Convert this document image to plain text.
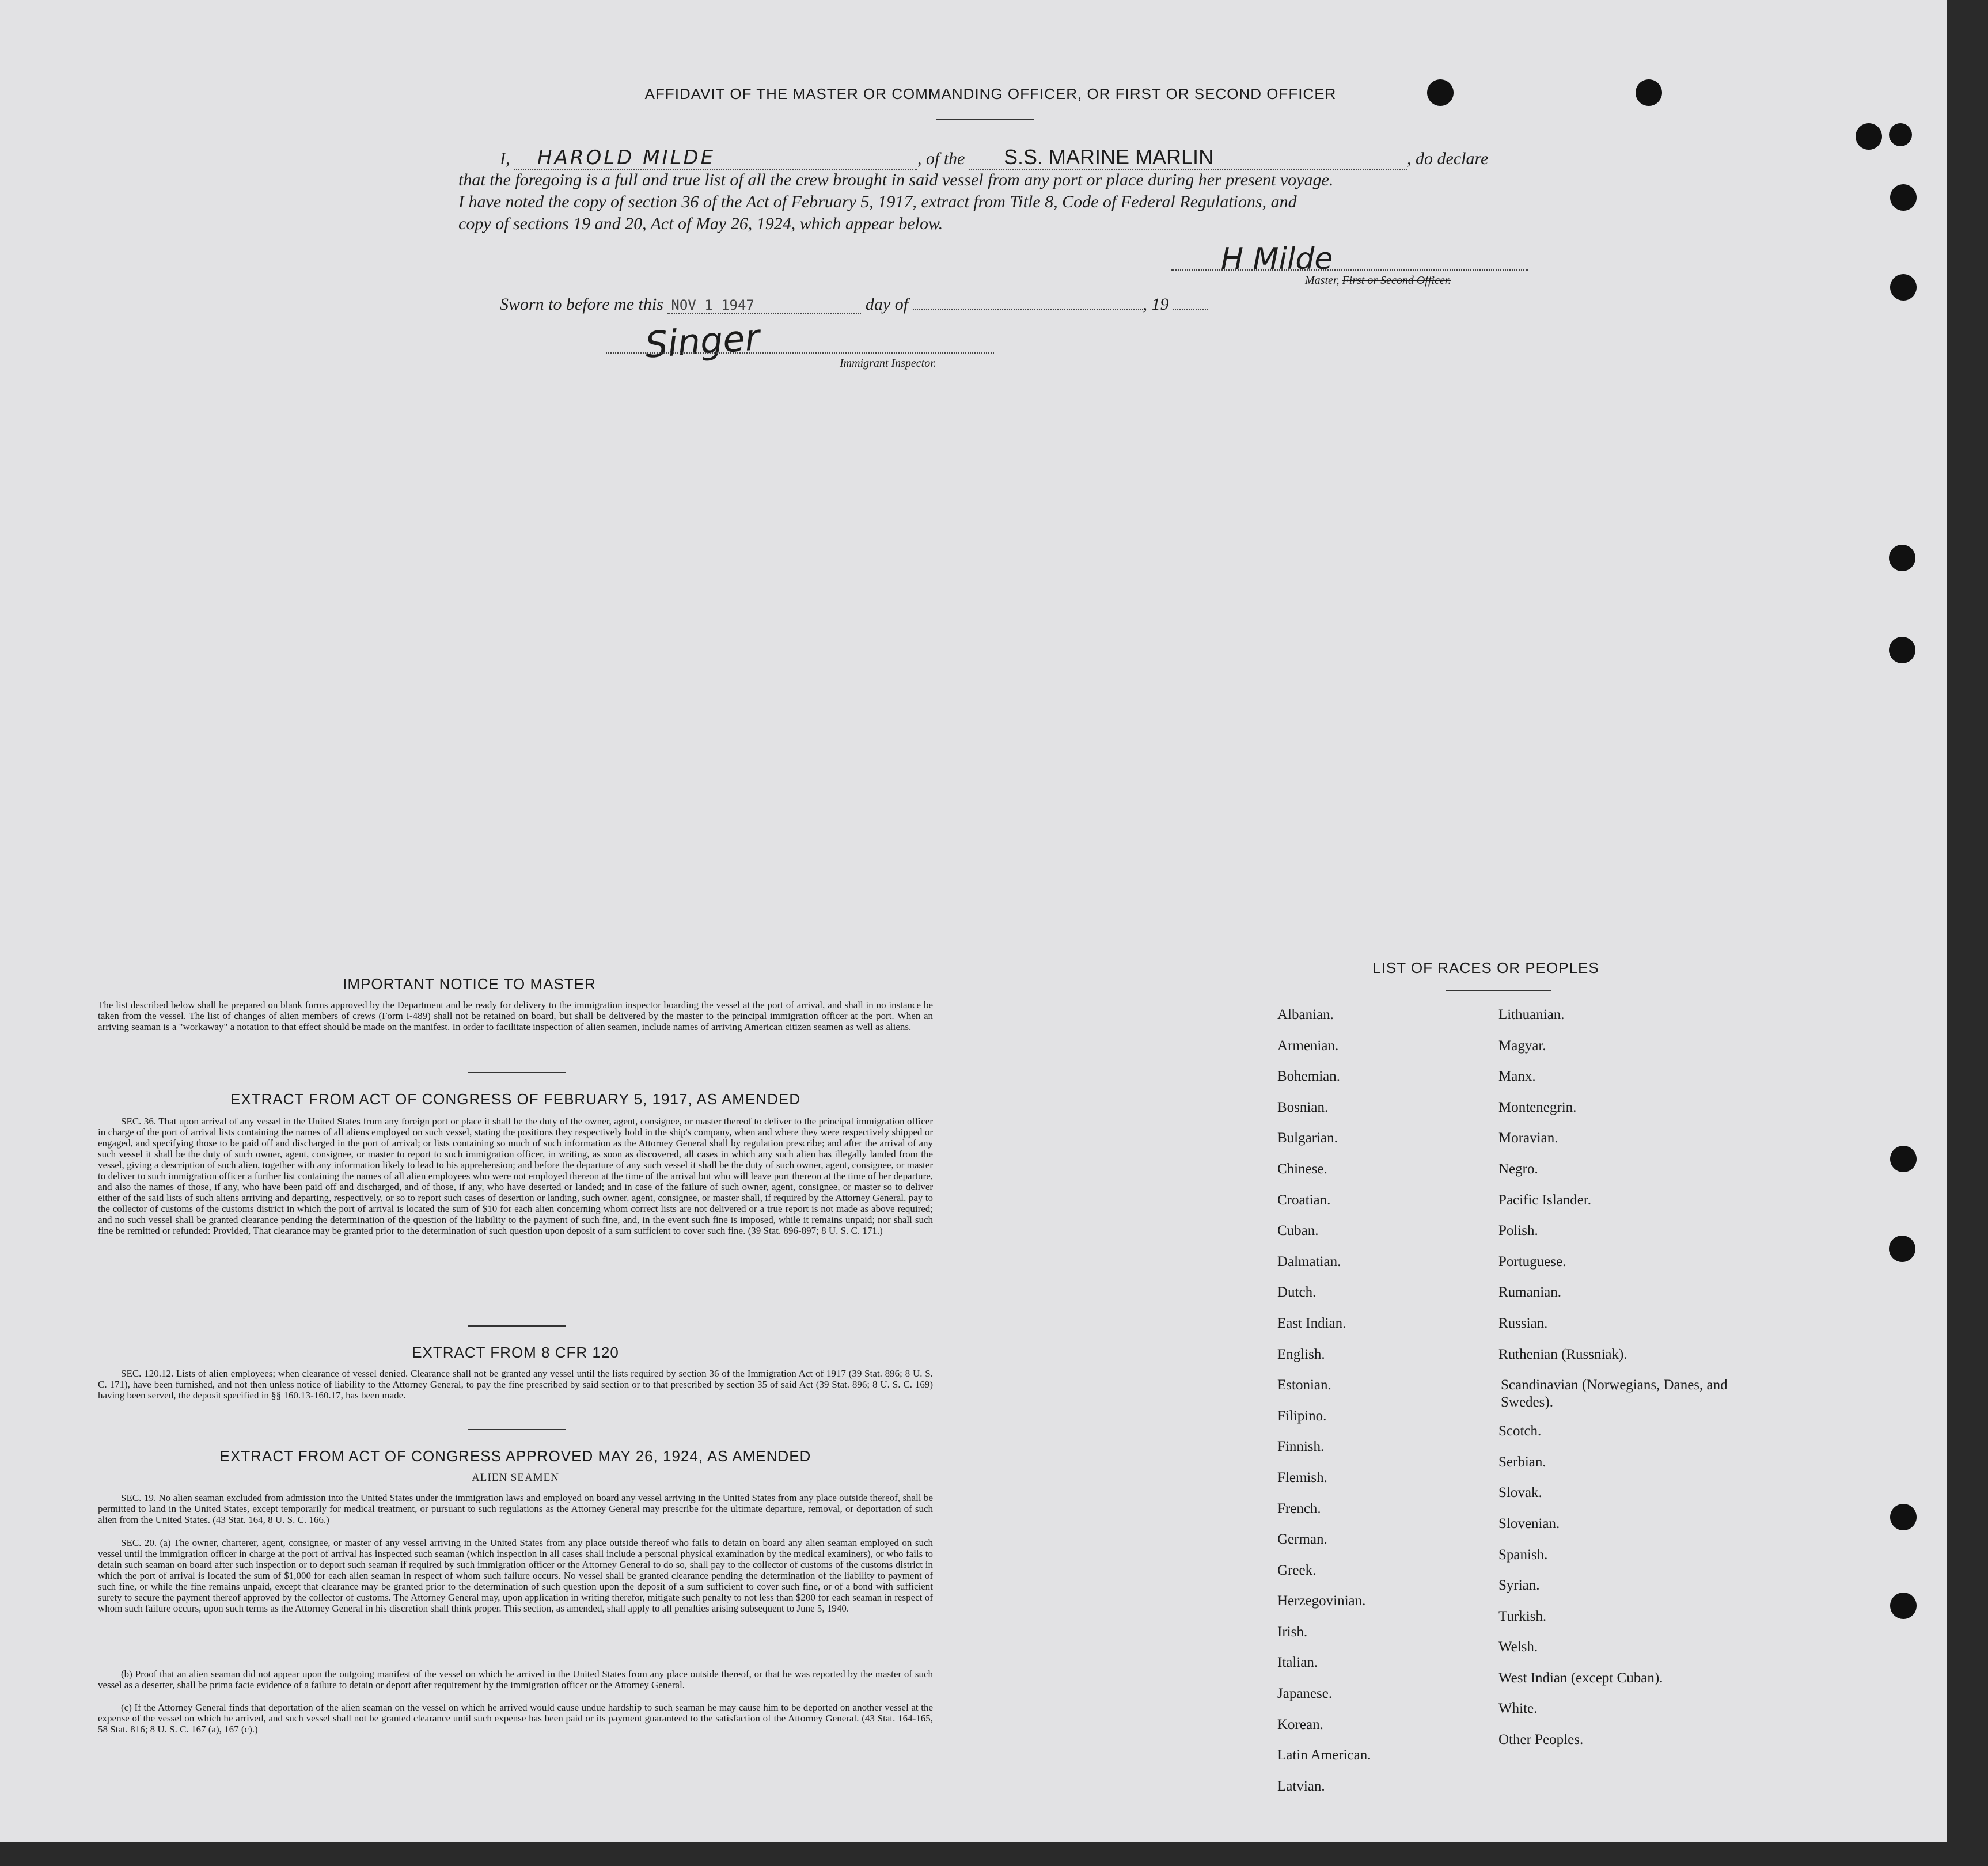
AFFIDAVIT OF THE MASTER OR COMMANDING OFFICER, OR FIRST OR SECOND OFFICER
I, HAROLD MILDE	, of the S.S. MARINE MARLIN	, do declare
that the foregoing is a full and true list of all the crew brought in said vessel from any port or place during her present voyage.
I have noted the copy of section 36 of the Act of February 5, 1917, extract from Title 8, Code of Federal Regulations, and
copy of sections 19 and 20, Act of May 26, 1924, which appear below.
H Milde
Master, First or Second Officer.
Sworn to before me this NOV 1 1947	day of	, 19
Singer	Immigrant Inspector.
IMPORTANT NOTICE TO MASTER
The list described below shall be prepared on blank forms approved by the Department and be ready for delivery to the immigration inspector boarding the vessel at the port of arrival, and shall in no instance be taken from the vessel. The list of changes of alien members of crews (Form I-489) shall not be retained on board, but shall be delivered by the master to the principal immigration officer at the port. When an arriving seaman is a "workaway" a notation to that effect should be made on the manifest. In order to facilitate inspection of alien seamen, include names of arriving American citizen seamen as well as aliens.
EXTRACT FROM ACT OF CONGRESS OF FEBRUARY 5, 1917, AS AMENDED
SEC. 36. That upon arrival of any vessel in the United States from any foreign port or place it shall be the duty of the owner, agent, consignee, or master thereof to deliver to the principal immigration officer in charge of the port of arrival lists containing the names of all aliens employed on such vessel, stating the positions they respectively hold in the ship's company, when and where they were respectively shipped or engaged, and specifying those to be paid off and discharged in the port of arrival; or lists containing so much of such information as the Attorney General shall by regulation prescribe; and after the arrival of any such vessel it shall be the duty of such owner, agent, consignee, or master to report to such immigration officer, in writing, as soon as discovered, all cases in which any such alien has illegally landed from the vessel, giving a description of such alien, together with any information likely to lead to his apprehension; and before the departure of any such vessel it shall be the duty of such owner, agent, consignee, or master to deliver to such immigration officer a further list containing the names of all alien employees who were not employed thereon at the time of the arrival but who will leave port thereon at the time of her departure, and also the names of those, if any, who have been paid off and discharged, and of those, if any, who have deserted or landed; and in case of the failure of such owner, agent, consignee, or master so to deliver either of the said lists of such aliens arriving and departing, respectively, or so to report such cases of desertion or landing, such owner, agent, consignee, or master shall, if required by the Attorney General, pay to the collector of customs of the customs district in which the port of arrival is located the sum of $10 for each alien concerning whom correct lists are not delivered or a true report is not made as above required; and no such vessel shall be granted clearance pending the determination of the question of the liability to the payment of such fine, and, in the event such fine is imposed, while it remains unpaid; nor shall such fine be remitted or refunded: Provided, That clearance may be granted prior to the determination of such question upon deposit of a sum sufficient to cover such fine. (39 Stat. 896-897; 8 U. S. C. 171.)
EXTRACT FROM 8 CFR 120
SEC. 120.12. Lists of alien employees; when clearance of vessel denied. Clearance shall not be granted any vessel until the lists required by section 36 of the Immigration Act of 1917 (39 Stat. 896; 8 U. S. C. 171), have been furnished, and not then unless notice of liability to the Attorney General, to pay the fine prescribed by said section or to that prescribed by section 35 of said Act (39 Stat. 896; 8 U. S. C. 169) having been served, the deposit specified in §§ 160.13-160.17, has been made.
EXTRACT FROM ACT OF CONGRESS APPROVED MAY 26, 1924, AS AMENDED
ALIEN SEAMEN
SEC. 19. No alien seaman excluded from admission into the United States under the immigration laws and employed on board any vessel arriving in the United States from any place outside thereof, shall be permitted to land in the United States, except temporarily for medical treatment, or pursuant to such regulations as the Attorney General may prescribe for the ultimate departure, removal, or deportation of such alien from the United States. (43 Stat. 164, 8 U. S. C. 166.)
SEC. 20. (a) The owner, charterer, agent, consignee, or master of any vessel arriving in the United States from any place outside thereof who fails to detain on board any alien seaman employed on such vessel until the immigration officer in charge at the port of arrival has inspected such seaman (which inspection in all cases shall include a personal physical examination by the medical examiners), or who fails to detain such seaman on board after such inspection or to deport such seaman if required by such immigration officer or the Attorney General to do so, shall pay to the collector of customs of the customs district in which the port of arrival is located the sum of $1,000 for each alien seaman in respect of whom such failure occurs. No vessel shall be granted clearance pending the determination of the liability to payment of such fine, or while the fine remains unpaid, except that clearance may be granted prior to the determination of such question upon the deposit of a sum sufficient to cover such fine, or of a bond with sufficient surety to secure the payment thereof approved by the collector of customs. The Attorney General may, upon application in writing therefor, mitigate such penalty to not less than $200 for each seaman in respect of whom such failure occurs, upon such terms as the Attorney General in his discretion shall think proper. This section, as amended, shall apply to all penalties arising subsequent to June 5, 1940.
(b) Proof that an alien seaman did not appear upon the outgoing manifest of the vessel on which he arrived in the United States from any place outside thereof, or that he was reported by the master of such vessel as a deserter, shall be prima facie evidence of a failure to detain or deport after requirement by the immigration officer or the Attorney General.
(c) If the Attorney General finds that deportation of the alien seaman on the vessel on which he arrived would cause undue hardship to such seaman he may cause him to be deported on another vessel at the expense of the vessel on which he arrived, and such vessel shall not be granted clearance until such expense has been paid or its payment guaranteed to the satisfaction of the Attorney General. (43 Stat. 164-165, 58 Stat. 816; 8 U. S. C. 167 (a), 167 (c).)
LIST OF RACES OR PEOPLES
Albanian.
Armenian.
Bohemian.
Bosnian.
Bulgarian.
Chinese.
Croatian.
Cuban.
Dalmatian.
Dutch.
East Indian.
English.
Estonian.
Filipino.
Finnish.
Flemish.
French.
German.
Greek.
Herzegovinian.
Irish.
Italian.
Japanese.
Korean.
Latin American.
Latvian.
Lithuanian.
Magyar.
Manx.
Montenegrin.
Moravian.
Negro.
Pacific Islander.
Polish.
Portuguese.
Rumanian.
Russian.
Ruthenian (Russniak).
Scandinavian (Norwegians, Danes, and Swedes).
Scotch.
Serbian.
Slovak.
Slovenian.
Spanish.
Syrian.
Turkish.
Welsh.
West Indian (except Cuban).
White.
Other Peoples.
